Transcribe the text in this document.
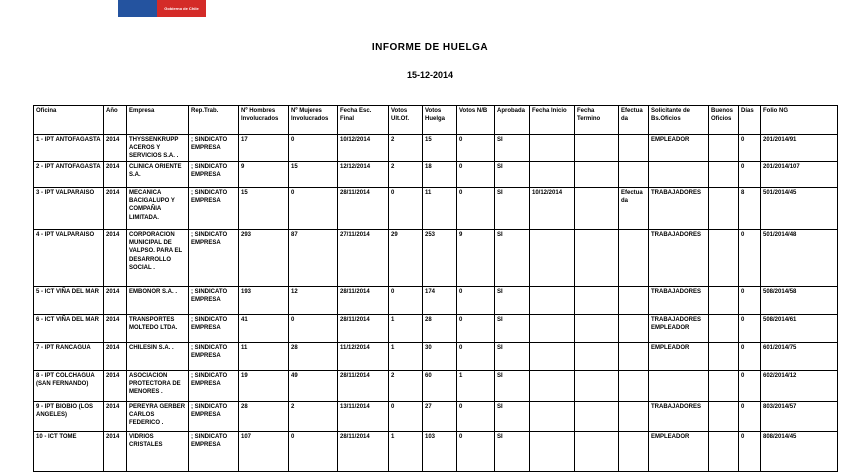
Gobierno de Chile
INFORME DE HUELGA
15-12-2014
Oficina	Año	Empresa	Rep.Trab.	Nº Hombres Involucrados	Nº Mujeres Involucrados	Fecha Esc. Final	Votos Ult.Of.	Votos Huelga	Votos N/B	Aprobada	Fecha Inicio	Fecha Termino	Efectuada	Solicitante de Bs.Oficios	Buenos Oficios	Días	Folio NG
1 - IPT ANTOFAGASTA	2014	THYSSENKRUPP ACEROS Y SERVICIOS S.A. .	; SINDICATO EMPRESA	17	0	10/12/2014	2	15	0	SI				EMPLEADOR		0	201/2014/91
2 - IPT ANTOFAGASTA	2014	CLINICA ORIENTE S.A.	; SINDICATO EMPRESA	9	15	12/12/2014	2	18	0	SI						0	201/2014/107
3 - IPT VALPARAISO	2014	MECANICA BACIGALUPO Y COMPAÑIA LIMITADA.	; SINDICATO EMPRESA	15	0	28/11/2014	0	11	0	SI	10/12/2014		Efectuada	TRABAJADORES		8	501/2014/45
4 - IPT VALPARAISO	2014	CORPORACION MUNICIPAL DE VALPSO. PARA EL DESARROLLO SOCIAL .	; SINDICATO EMPRESA	293	87	27/11/2014	29	253	9	SI				TRABAJADORES		0	501/2014/48
5 - ICT VIÑA DEL MAR	2014	EMBONOR S.A. .	; SINDICATO EMPRESA	193	12	28/11/2014	0	174	0	SI				TRABAJADORES		0	508/2014/58
6 - ICT VIÑA DEL MAR	2014	TRANSPORTES MOLTEDO LTDA.	; SINDICATO EMPRESA	41	0	28/11/2014	1	28	0	SI				TRABAJADORES EMPLEADOR		0	508/2014/61
7 - IPT RANCAGUA	2014	CHILESIN S.A. .	; SINDICATO EMPRESA	11	28	11/12/2014	1	30	0	SI				EMPLEADOR		0	601/2014/75
8 - IPT COLCHAGUA (SAN FERNANDO)	2014	ASOCIACION PROTECTORA DE MENORES .	; SINDICATO EMPRESA	19	49	28/11/2014	2	60	1	SI						0	602/2014/12
9 - IPT BIOBIO (LOS ANGELES)	2014	PEREYRA GERBER CARLOS FEDERICO .	; SINDICATO EMPRESA	28	2	13/11/2014	0	27	0	SI				TRABAJADORES		0	803/2014/57
10 - ICT TOME	2014	VIDRIOS CRISTALES	; SINDICATO EMPRESA	107	0	28/11/2014	1	103	0	SI				EMPLEADOR		0	808/2014/45
